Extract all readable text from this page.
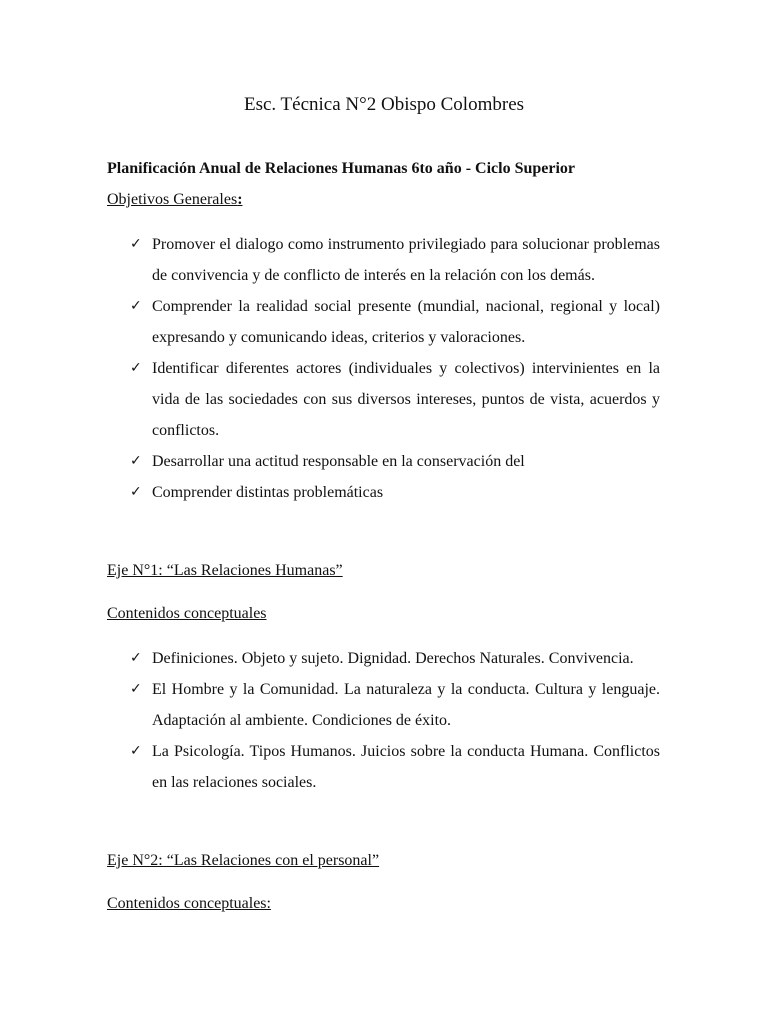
Esc. Técnica N°2 Obispo Colombres
Planificación Anual de Relaciones Humanas 6to año - Ciclo Superior
Objetivos Generales:
✓ Promover el dialogo como instrumento privilegiado para solucionar problemas de convivencia y de conflicto de interés en la relación con los demás.
✓ Comprender la realidad social presente (mundial, nacional, regional y local) expresando y comunicando ideas, criterios y valoraciones.
✓ Identificar diferentes actores (individuales y colectivos) intervinientes en la vida de las sociedades con sus diversos intereses, puntos de vista, acuerdos y conflictos.
✓ Desarrollar una actitud responsable en la conservación del
✓ Comprender distintas problemáticas
Eje N°1: “Las Relaciones Humanas”
Contenidos conceptuales
✓ Definiciones. Objeto y sujeto. Dignidad. Derechos Naturales. Convivencia.
✓ El Hombre y la Comunidad. La naturaleza y la conducta. Cultura y lenguaje. Adaptación al ambiente. Condiciones de éxito.
✓ La Psicología. Tipos Humanos. Juicios sobre la conducta Humana. Conflictos en las relaciones sociales.
Eje N°2: “Las Relaciones con el personal”
Contenidos conceptuales:
